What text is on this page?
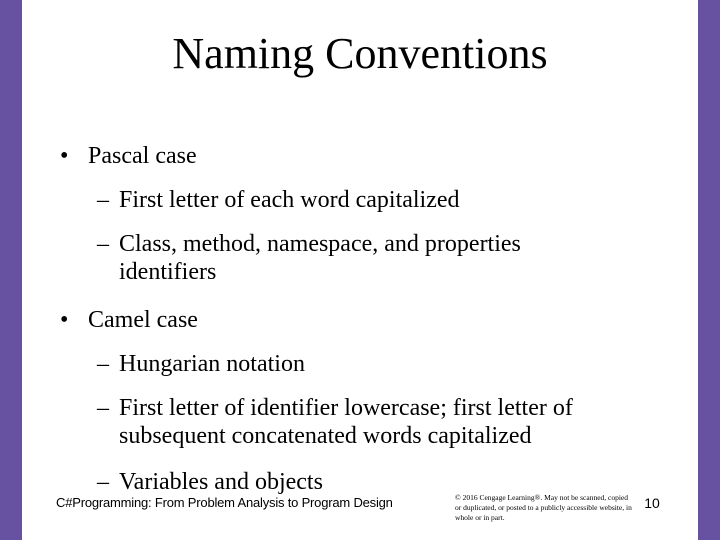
Naming Conventions
• Pascal case
– First letter of each word capitalized
– Class, method, namespace, and properties identifiers
• Camel case
– Hungarian notation
– First letter of identifier lowercase; first letter of subsequent concatenated words capitalized
– Variables and objects
C#Programming: From Problem Analysis to Program Design	© 2016 Cengage Learning®. May not be scanned, copied or duplicated, or posted to a publicly accessible website, in whole or in part.
10
